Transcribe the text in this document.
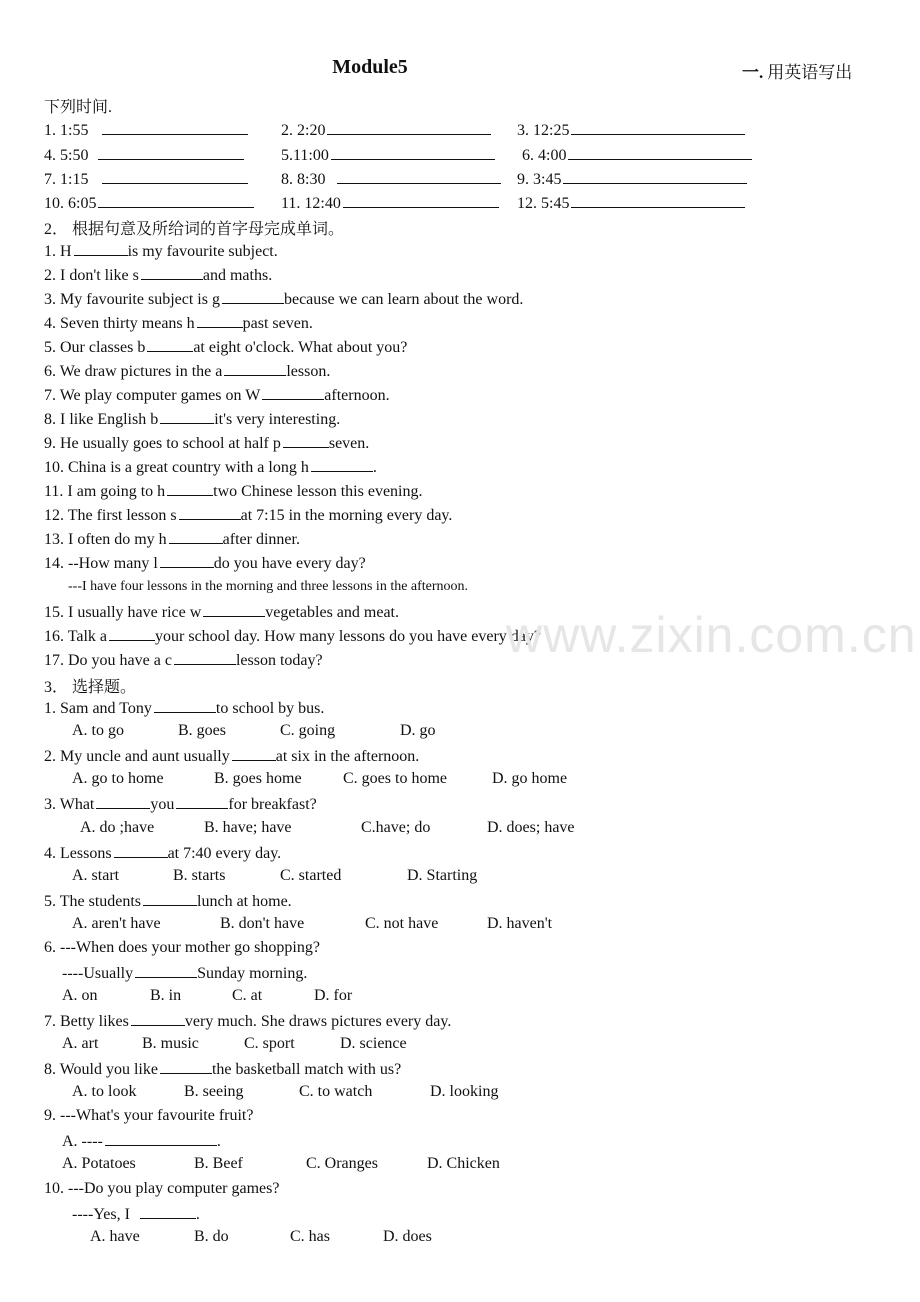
Module5	一. 用英语写出
下列时间.
1. 1:55	2. 2:20	3. 12:25
4. 5:50	5.11:00	6. 4:00
7. 1:15	8. 8:30	9. 3:45
10. 6:05	11. 12:40	12. 5:45
2． 根据句意及所给词的首字母完成单词。
1. H	is my favourite subject.
2. I don't like s	and maths.
3. My favourite subject is g	because we can learn about the word.
4. Seven thirty means h	past seven.
5. Our classes b	at eight o'clock. What about you?
6. We draw pictures in the a	lesson.
7. We play computer games on W	afternoon.
8. I like English b	it's very interesting.
9. He usually goes to school at half p	seven.
10. China is a great country with a long h	.
11. I am going to h	two Chinese lesson this evening.
12. The first lesson s	at 7:15 in the morning every day.
13. I often do my h	after dinner.
14. --How many l	do you have every day?
---I have four lessons in the morning and three lessons in the afternoon.
15. I usually have rice w	vegetables and meat.
16. Talk a	your school day. How many lessons do you have every day?
17. Do you have a c	lesson today?	www.zixin.com.cn
3． 选择题。
1. Sam and Tony	to school by bus.
A. to go	B. goes	C. going	D. go
2. My uncle and aunt usually	at six in the afternoon.
A. go to home	B. goes home	C. goes to home	D. go home
3. What	you	for breakfast?
A. do ;have	B. have; have	C.have; do	D. does; have
4. Lessons	at 7:40 every day.
A. start	B. starts	C. started	D. Starting
5. The students	lunch at home.
A. aren't have	B. don't have	C. not have	D. haven't
6. ---When does your mother go shopping?
----Usually	Sunday morning.
A. on	B. in	C. at	D. for
7. Betty likes	very much. She draws pictures every day.
A. art	B. music	C. sport	D. science
8. Would you like	the basketball match with us?
A. to look	B. seeing	C. to watch	D. looking
9. ---What's your favourite fruit?
A. ----	.
A. Potatoes	B. Beef	C. Oranges	D. Chicken
10. ---Do you play computer games?
----Yes, I	.
A. have	B. do	C. has	D. does
